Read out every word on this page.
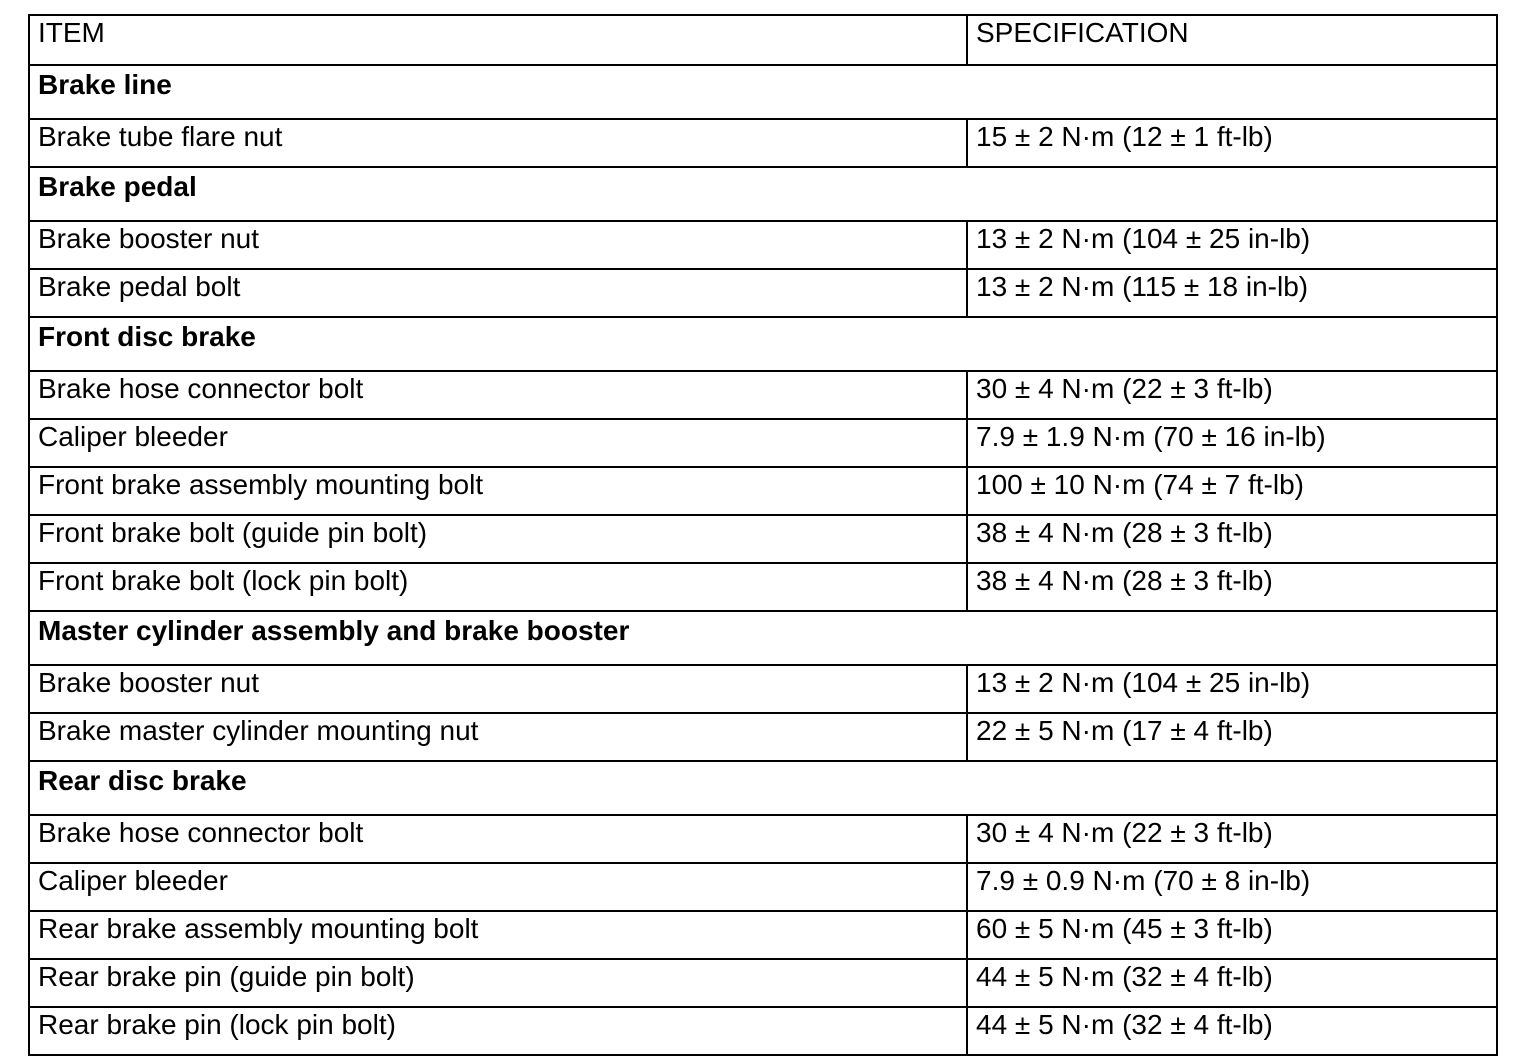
ITEM	SPECIFICATION
Brake line	
Brake tube flare nut	15 ± 2 N·m (12 ± 1 ft-lb)
Brake pedal	
Brake booster nut	13 ± 2 N·m (104 ± 25 in-lb)
Brake pedal bolt	13 ± 2 N·m (115 ± 18 in-lb)
Front disc brake	
Brake hose connector bolt	30 ± 4 N·m (22 ± 3 ft-lb)
Caliper bleeder	7.9 ± 1.9 N·m (70 ± 16 in-lb)
Front brake assembly mounting bolt	100 ± 10 N·m (74 ± 7 ft-lb)
Front brake bolt (guide pin bolt)	38 ± 4 N·m (28 ± 3 ft-lb)
Front brake bolt (lock pin bolt)	38 ± 4 N·m (28 ± 3 ft-lb)
Master cylinder assembly and brake booster	
Brake booster nut	13 ± 2 N·m (104 ± 25 in-lb)
Brake master cylinder mounting nut	22 ± 5 N·m (17 ± 4 ft-lb)
Rear disc brake	
Brake hose connector bolt	30 ± 4 N·m (22 ± 3 ft-lb)
Caliper bleeder	7.9 ± 0.9 N·m (70 ± 8 in-lb)
Rear brake assembly mounting bolt	60 ± 5 N·m (45 ± 3 ft-lb)
Rear brake pin (guide pin bolt)	44 ± 5 N·m (32 ± 4 ft-lb)
Rear brake pin (lock pin bolt)	44 ± 5 N·m (32 ± 4 ft-lb)
